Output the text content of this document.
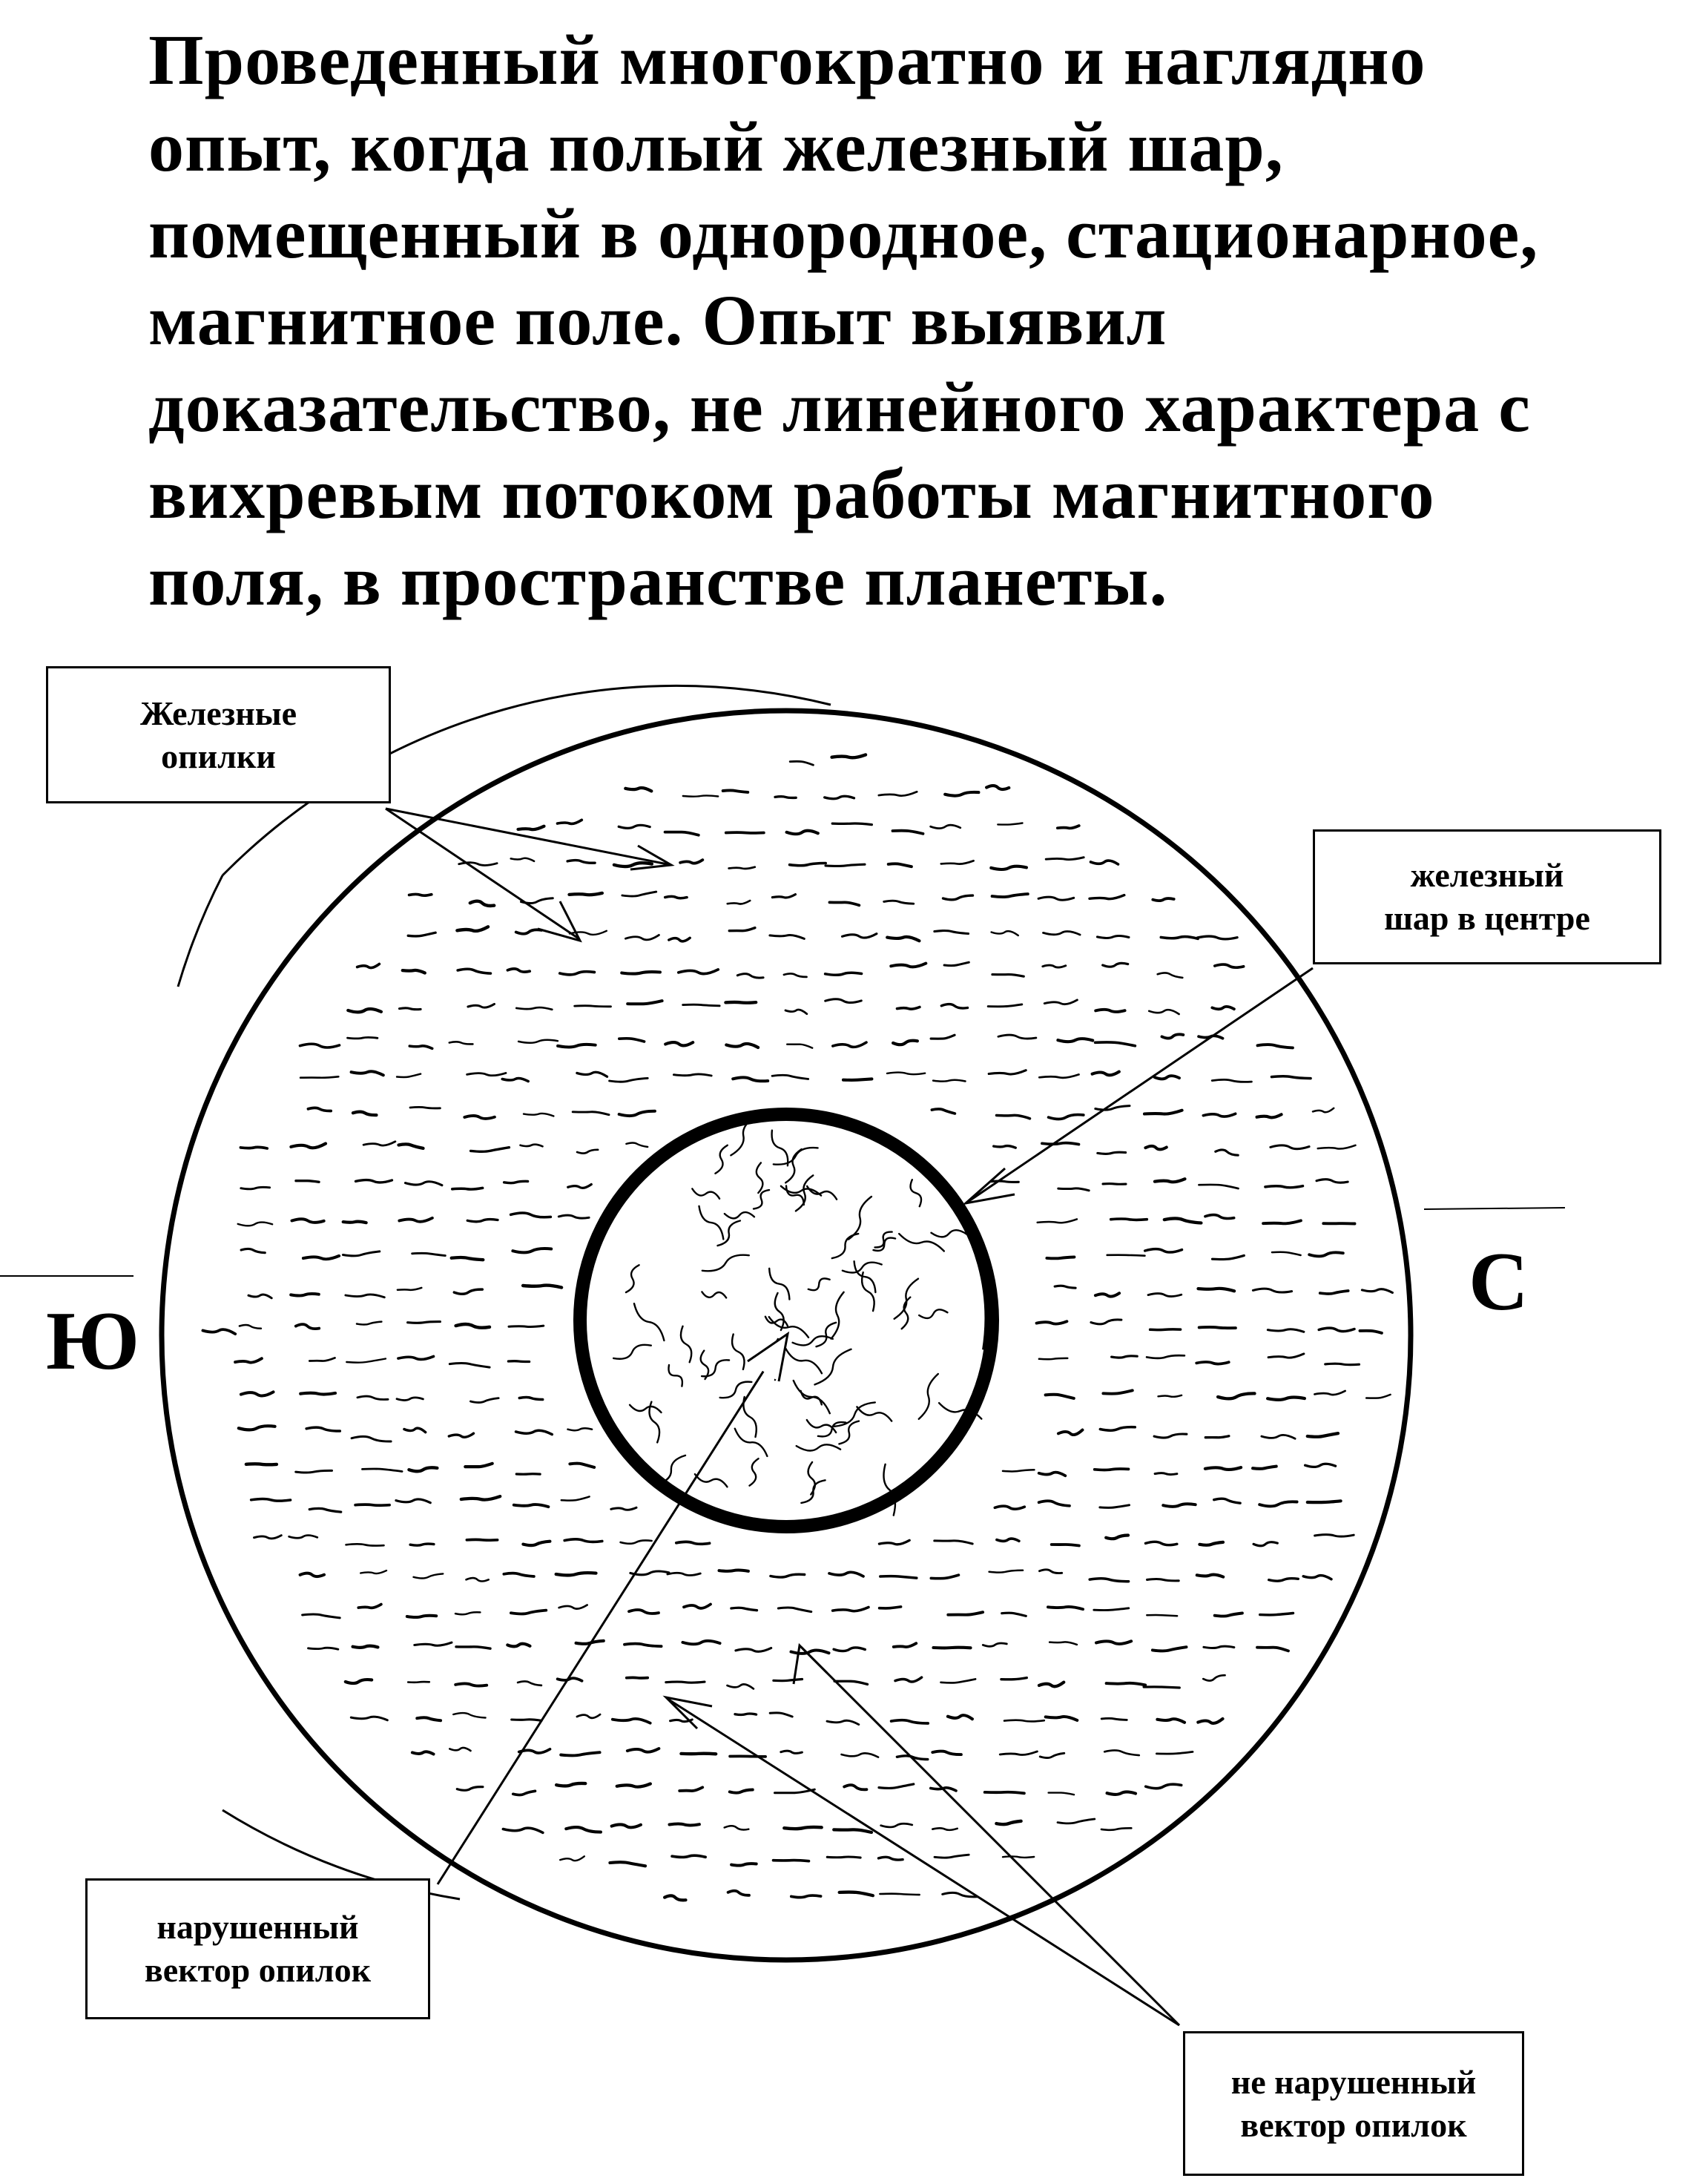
Проведенный многократно и наглядно
опыт, когда полый железный шар,
помещенный в однородное, стационарное,
магнитное поле. Опыт выявил
доказательство, не линейного характера с
вихревым потоком работы магнитного
поля, в пространстве планеты.
Железные
опилки
железный
шар в центре
нарушенный
вектор опилок
не нарушенный
вектор опилок
Ю
С
